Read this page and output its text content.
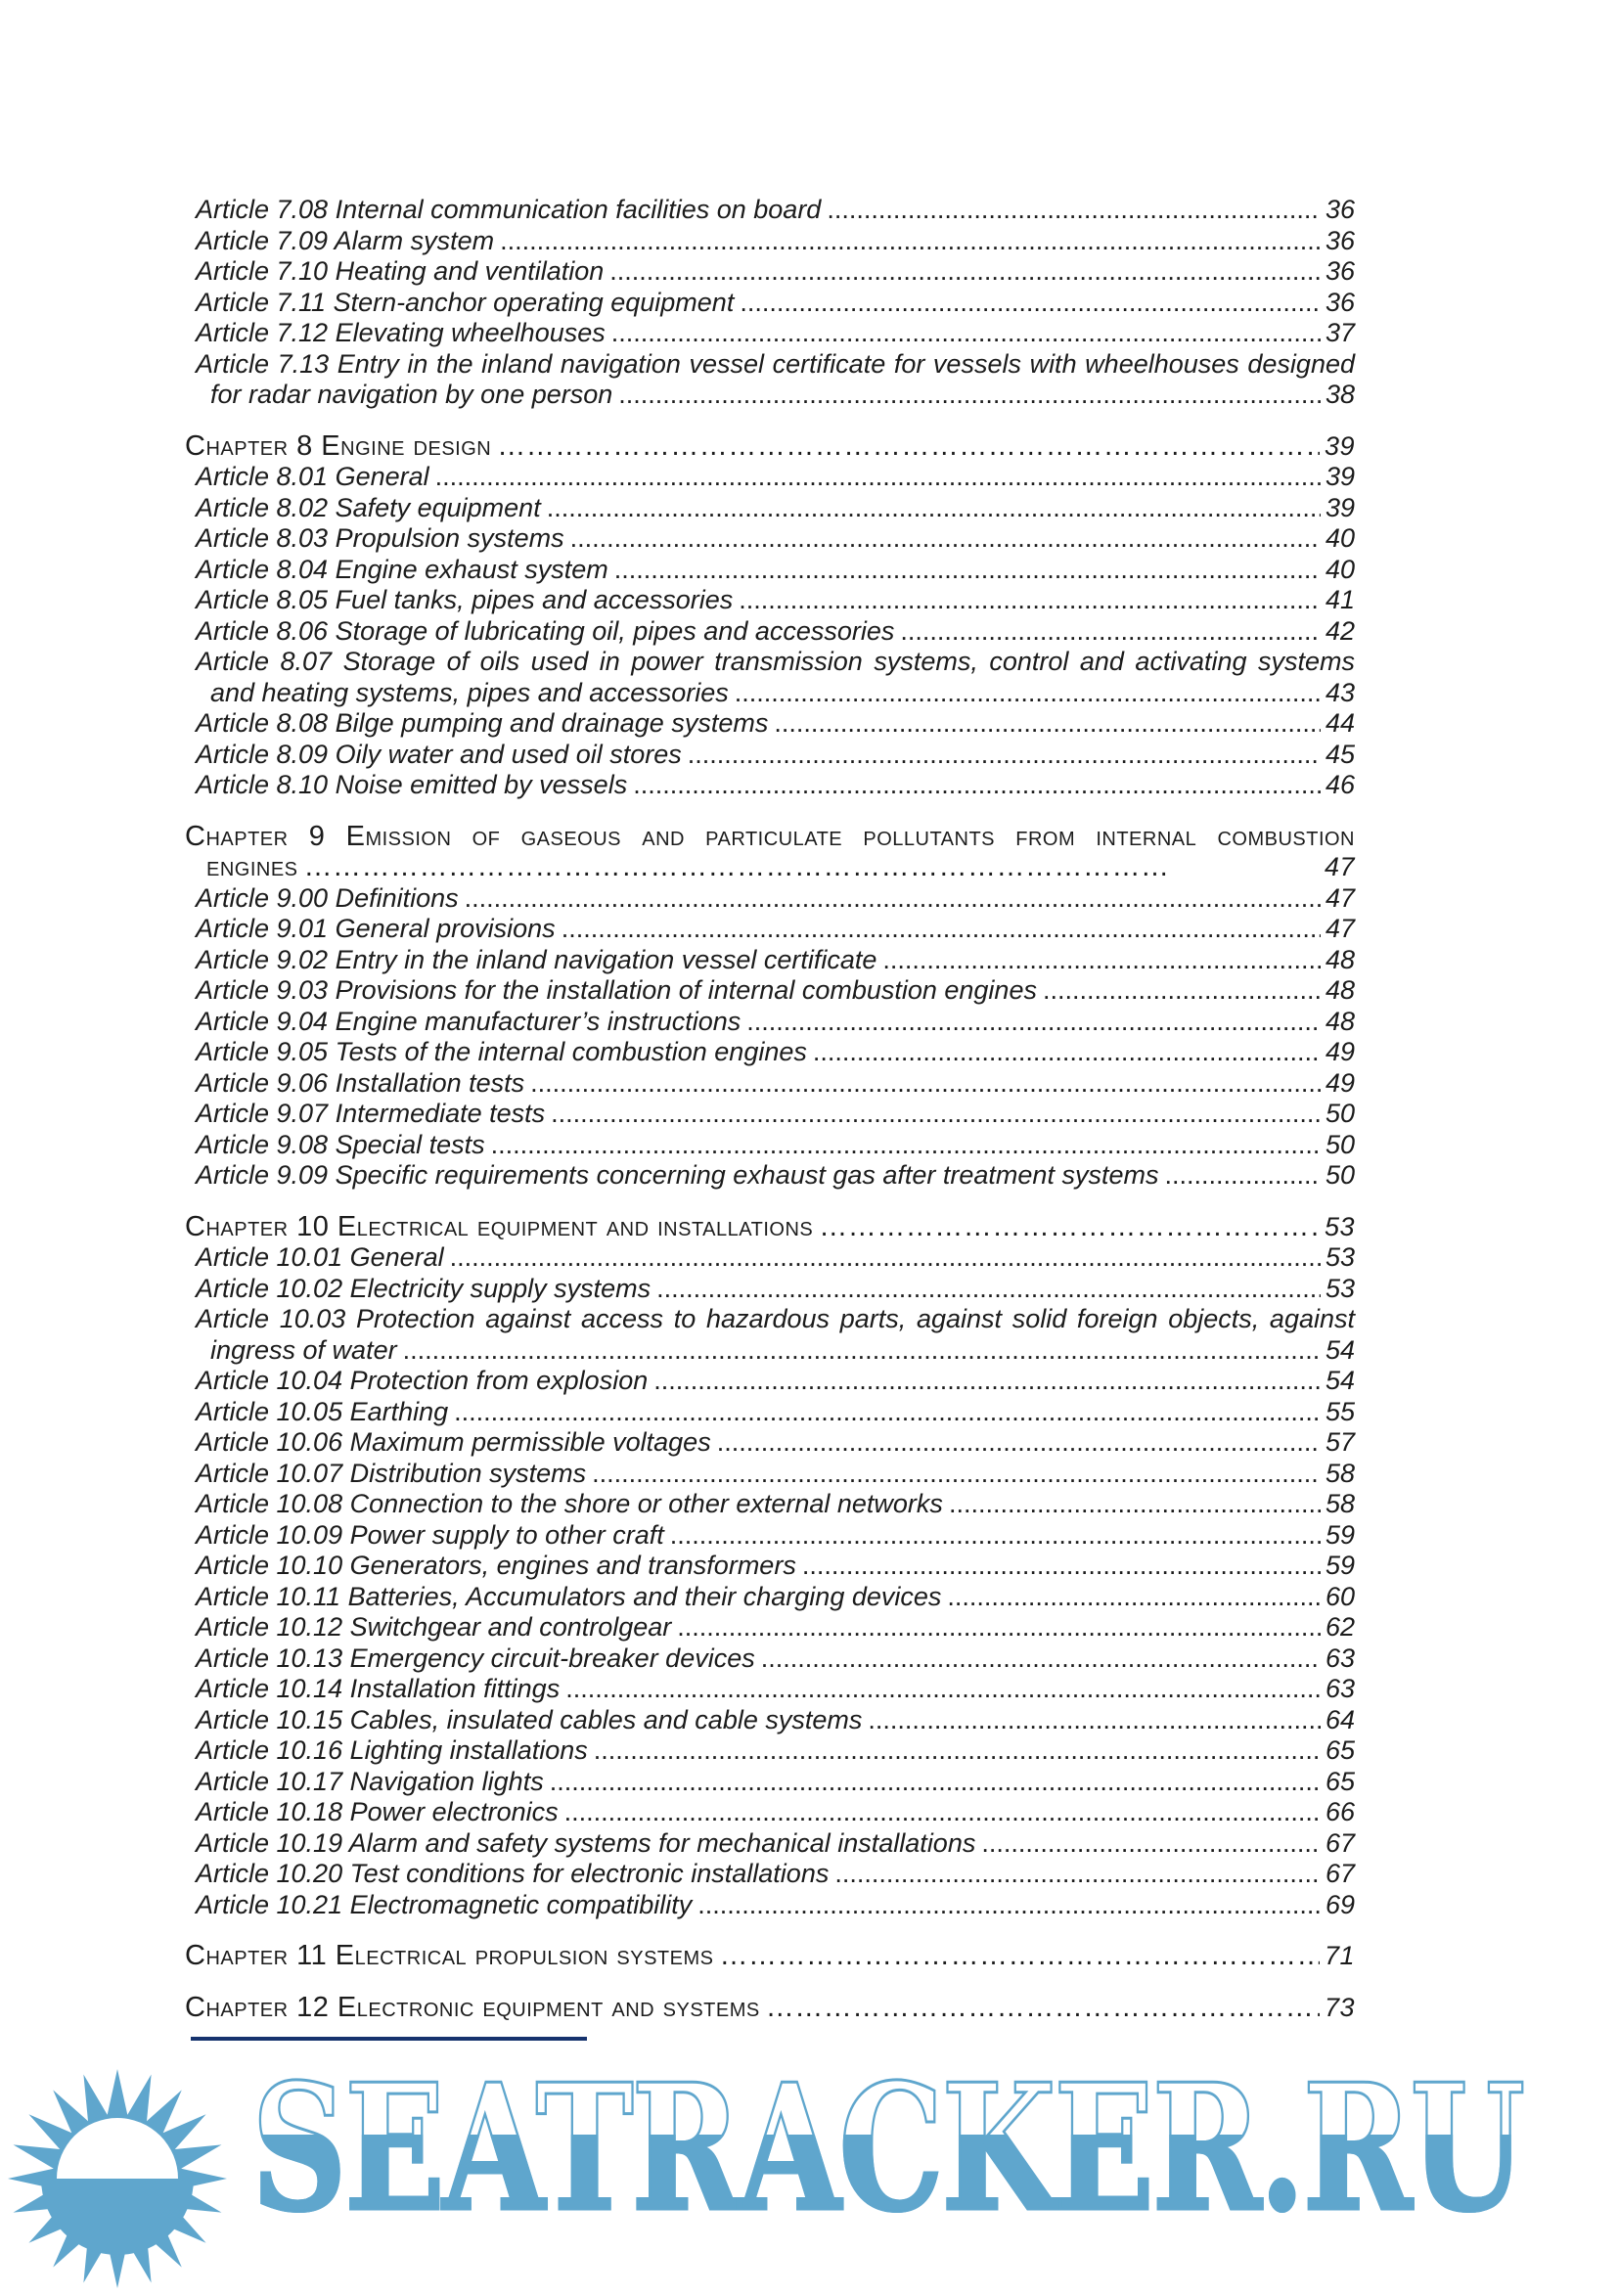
Article 7.08 Internal communication facilities on board .....	36
Article 7.09 Alarm system .....	36
Article 7.10 Heating and ventilation .....	36
Article 7.11 Stern-anchor operating equipment .....	36
Article 7.12 Elevating wheelhouses .....	37
Article 7.13 Entry in the inland navigation vessel certificate for vessels with wheelhouses designed
for radar navigation by one person .....	38
Chapter 8 Engine design ………………………………………………………………………………	39
Article 8.01 General .....	39
Article 8.02 Safety equipment .....	39
Article 8.03 Propulsion systems .....	40
Article 8.04 Engine exhaust system .....	40
Article 8.05 Fuel tanks, pipes and accessories .....	41
Article 8.06 Storage of lubricating oil, pipes and accessories .....	42
Article 8.07 Storage of oils used in power transmission systems, control and activating systems
and heating systems, pipes and accessories .....	43
Article 8.08 Bilge pumping and drainage systems .....	44
Article 8.09 Oily water and used oil stores .....	45
Article 8.10 Noise emitted by vessels .....	46
Chapter 9 Emission of gaseous and particulate pollutants from internal combustion
engines ………………………………………………………………………………	47
Article 9.00 Definitions .....	47
Article 9.01 General provisions .....	47
Article 9.02 Entry in the inland navigation vessel certificate .....	48
Article 9.03 Provisions for the installation of internal combustion engines .....	48
Article 9.04 Engine manufacturer’s instructions .....	48
Article 9.05 Tests of the internal combustion engines .....	49
Article 9.06 Installation tests .....	49
Article 9.07 Intermediate tests .....	50
Article 9.08 Special tests .....	50
Article 9.09 Specific requirements concerning exhaust gas after treatment systems .....	50
Chapter 10 Electrical equipment and installations ………………………………………………………………………………	53
Article 10.01 General .....	53
Article 10.02 Electricity supply systems .....	53
Article 10.03 Protection against access to hazardous parts, against solid foreign objects, against
ingress of water .....	54
Article 10.04 Protection from explosion .....	54
Article 10.05 Earthing .....	55
Article 10.06 Maximum permissible voltages .....	57
Article 10.07 Distribution systems .....	58
Article 10.08 Connection to the shore or other external networks .....	58
Article 10.09 Power supply to other craft .....	59
Article 10.10 Generators, engines and transformers .....	59
Article 10.11 Batteries, Accumulators and their charging devices .....	60
Article 10.12 Switchgear and controlgear .....	62
Article 10.13 Emergency circuit-breaker devices .....	63
Article 10.14 Installation fittings .....	63
Article 10.15 Cables, insulated cables and cable systems .....	64
Article 10.16 Lighting installations .....	65
Article 10.17 Navigation lights .....	65
Article 10.18 Power electronics .....	66
Article 10.19 Alarm and safety systems for mechanical installations .....	67
Article 10.20 Test conditions for electronic installations .....	67
Article 10.21 Electromagnetic compatibility .....	69
Chapter 11 Electrical propulsion systems ………………………………………………………………………………	71
Chapter 12 Electronic equipment and systems ………………………………………………………………………………	73
SEATRACKER.RU
